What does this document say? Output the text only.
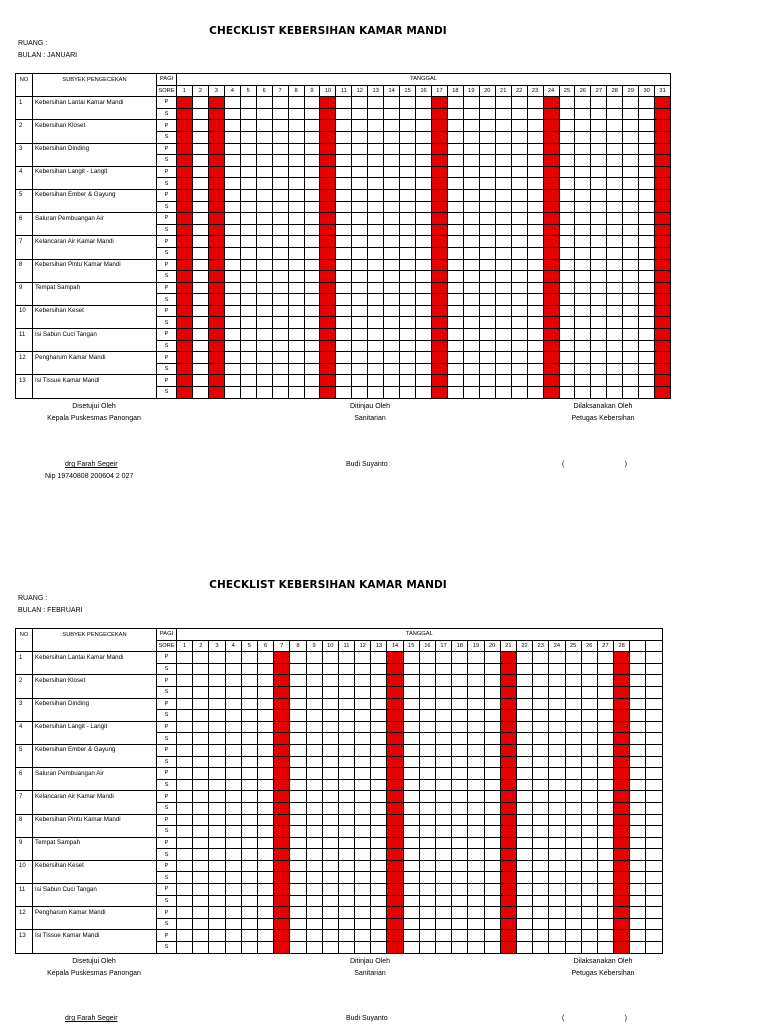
CHECKLIST KEBERSIHAN KAMAR MANDI
RUANG :
BULAN : JANUARI
NO	SUBYEK PENGECEKAN	PAGI	TANGGAL																														
		SORE	1	2	3	4	5	6	7	8	9	10	11	12	13	14	15	16	17	18	19	20	21	22	23	24	25	26	27	28	29	30	31
1	Kebersihan Lantai Kamar Mandi	P																															
		S																															
2	Kebersihan Kloset	P																															
		S																															
3	Kebersihan Dinding	P																															
		S																															
4	Kebersihan Langit - Langit	P																															
		S																															
5	Kebersihan Ember & Gayung	P																															
		S																															
6	Saluran Pembuangan Air	P																															
		S																															
7	Kelancaran Air Kamar Mandi	P																															
		S																															
8	Kebersihan Pintu Kamar Mandi	P																															
		S																															
9	Tempat Sampah	P																															
		S																															
10	Kebersihan Keset	P																															
		S																															
11	Isi Sabun Cuci Tangan	P																															
		S																															
12	Pengharum Kamar Mandi	P																															
		S																															
13	Isi Tissue Kamar Mandi	P																															
		S																															
Disetujui Oleh
Kepala Puskesmas Panongan
Ditinjau Oleh
Sanitarian
Dilaksanakan Oleh
Petugas Kebersihan
drg Farah Segeir
Nip 19740808 200604 2 027
Budi Suyanto	(                               )
CHECKLIST KEBERSIHAN KAMAR MANDI
RUANG :
BULAN : FEBRUARI
NO	SUBYEK PENGECEKAN	PAGI	TANGGAL																													
		SORE	1	2	3	4	5	6	7	8	9	10	11	12	13	14	15	16	17	18	19	20	21	22	23	24	25	26	27	28		
1	Kebersihan Lantai Kamar Mandi	P																														
		S																														
2	Kebersihan Kloset	P																														
		S																														
3	Kebersihan Dinding	P																														
		S																														
4	Kebersihan Langit - Langit	P																														
		S																														
5	Kebersihan Ember & Gayung	P																														
		S																														
6	Saluran Pembuangan Air	P																														
		S																														
7	Kelancaran Air Kamar Mandi	P																														
		S																														
8	Kebersihan Pintu Kamar Mandi	P																														
		S																														
9	Tempat Sampah	P																														
		S																														
10	Kebersihan Keset	P																														
		S																														
11	Isi Sabun Cuci Tangan	P																														
		S																														
12	Pengharum Kamar Mandi	P																														
		S																														
13	Isi Tissue Kamar Mandi	P																														
		S																														
Disetujui Oleh
Kepala Puskesmas Panongan
Ditinjau Oleh
Sanitarian
Dilaksanakan Oleh
Petugas Kebersihan
drg Farah Segeir	Budi Suyanto	(                               )
